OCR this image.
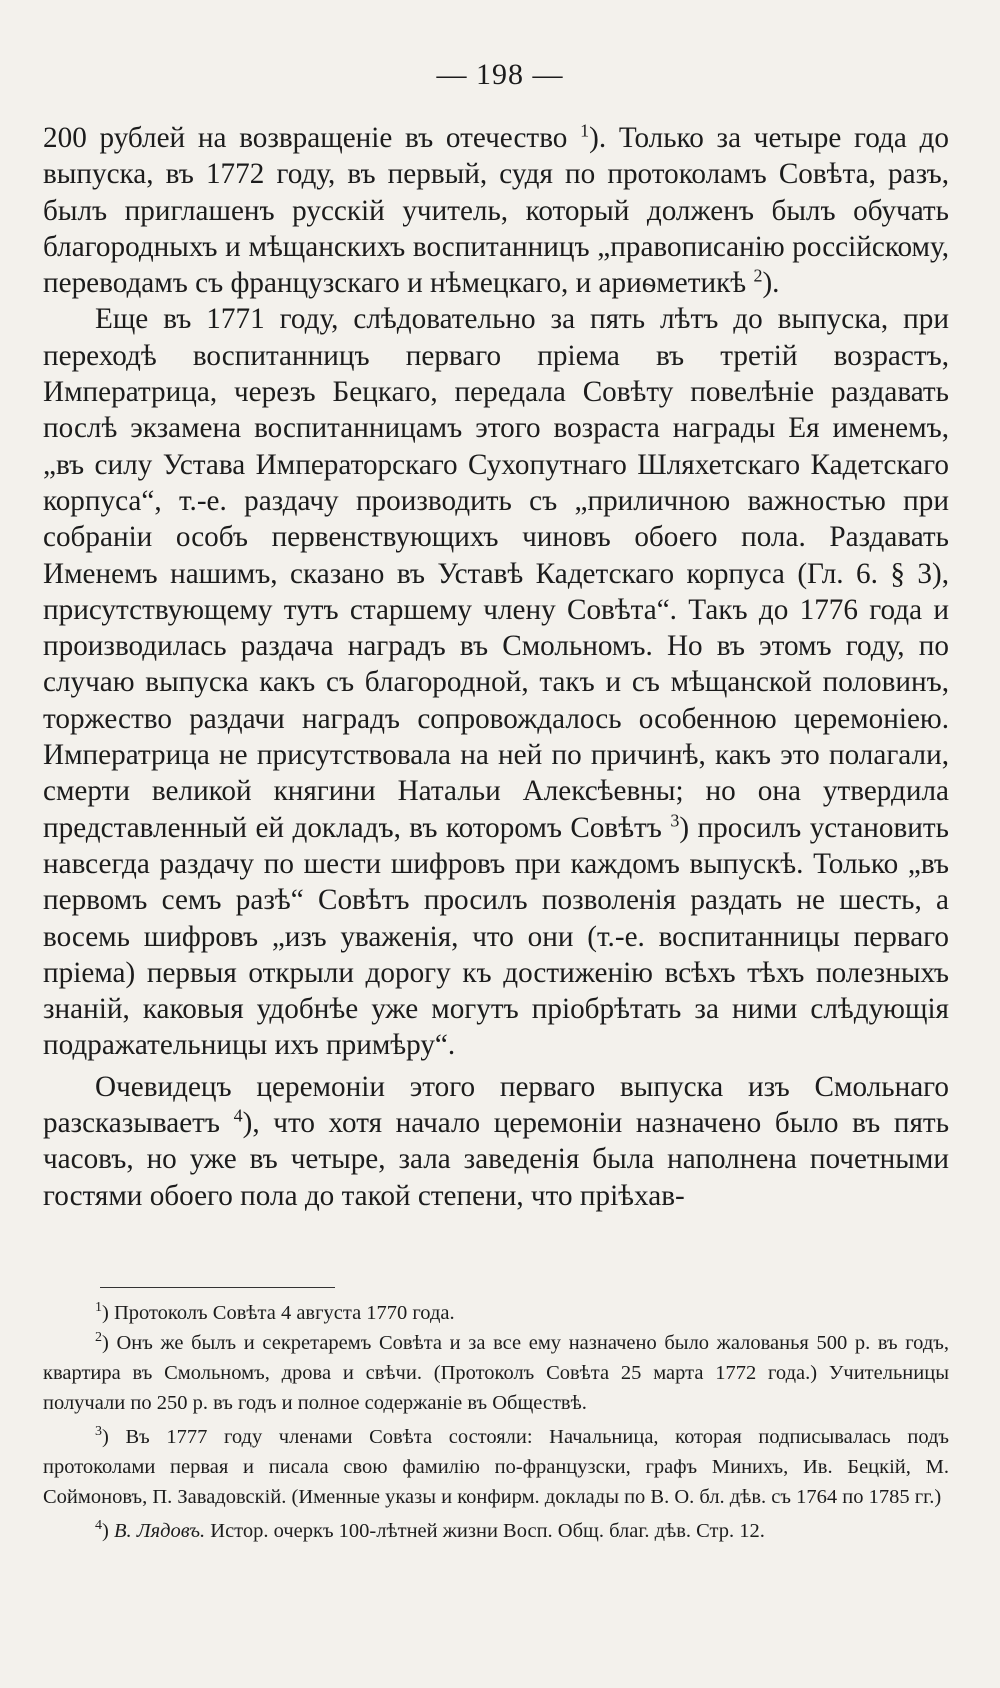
— 198 —

200 рублей на возвращеніе въ отечество $^1$). Только за четыре года до выпуска, въ 1772 году, въ первый, судя по протоколамъ Совѣта, разъ, былъ приглашенъ русскій учитель, который долженъ былъ обучать благородныхъ и мѣщанскихъ воспитанницъ „правописанію россійскому, переводамъ съ французскаго и нѣмецкаго, и ариѳметикѣ $^2$).

Еще въ 1771 году, слѣдовательно за пять лѣтъ до выпуска, при переходѣ воспитанницъ перваго пріема въ третій возрастъ, Императрица, черезъ Бецкаго, передала Совѣту повелѣніе раздавать послѣ экзамена воспитанницамъ этого возраста награды Ея именемъ, „въ силу Устава Императорскаго Сухопутнаго Шляхетскаго Кадетскаго корпуса“, т.-е. раздачу производить съ „приличною важностью при собраніи особъ первенствующихъ чиновъ обоего пола. Раздавать Именемъ нашимъ, сказано въ Уставѣ Кадетскаго корпуса (Гл. 6. § 3), присутствующему тутъ старшему члену Совѣта“. Такъ до 1776 года и производилась раздача наградъ въ Смольномъ. Но въ этомъ году, по случаю выпуска какъ съ благородной, такъ и съ мѣщанской половинъ, торжество раздачи наградъ сопровождалось особенною церемоніею. Императрица не присутствовала на ней по причинѣ, какъ это полагали, смерти великой княгини Натальи Алексѣевны; но она утвердила представленный ей докладъ, въ которомъ Совѣтъ $^3$) просилъ установить навсегда раздачу по шести шифровъ при каждомъ выпускѣ. Только „въ первомъ семъ разѣ“ Совѣтъ просилъ позволенія раздать не шесть, а восемь шифровъ „изъ уваженія, что они (т.-е. воспитанницы перваго пріема) первыя открыли дорогу къ достиженію всѣхъ тѣхъ полезныхъ знаній, каковыя удобнѣе уже могутъ пріобрѣтать за ними слѣдующія подражательницы ихъ примѣру“.

Очевидецъ церемоніи этого перваго выпуска изъ Смольнаго разсказываетъ $^4$), что хотя начало церемоніи назначено было въ пять часовъ, но уже въ четыре, зала заведенія была наполнена почетными гостями обоего пола до такой степени, что пріѣхав-

$^1$) Протоколъ Совѣта 4 августа 1770 года.

$^2$) Онъ же былъ и секретаремъ Совѣта и за все ему назначено было жалованья 500 р. въ годъ, квартира въ Смольномъ, дрова и свѣчи. (Протоколъ Совѣта 25 марта 1772 года.) Учительницы получали по 250 р. въ годъ и полное содержаніе въ Обществѣ.

$^3$) Въ 1777 году членами Совѣта состояли: Начальница, которая подписывалась подъ протоколами первая и писала свою фамилію по-французски, графъ Минихъ, Ив. Бецкій, М. Соймоновъ, П. Завадовскій. (Именные указы и конфирм. доклады по В. О. бл. дѣв. съ 1764 по 1785 гг.)

$^4$) В. Лядовъ. Истор. очеркъ 100-лѣтней жизни Восп. Общ. благ. дѣв. Стр. 12.
